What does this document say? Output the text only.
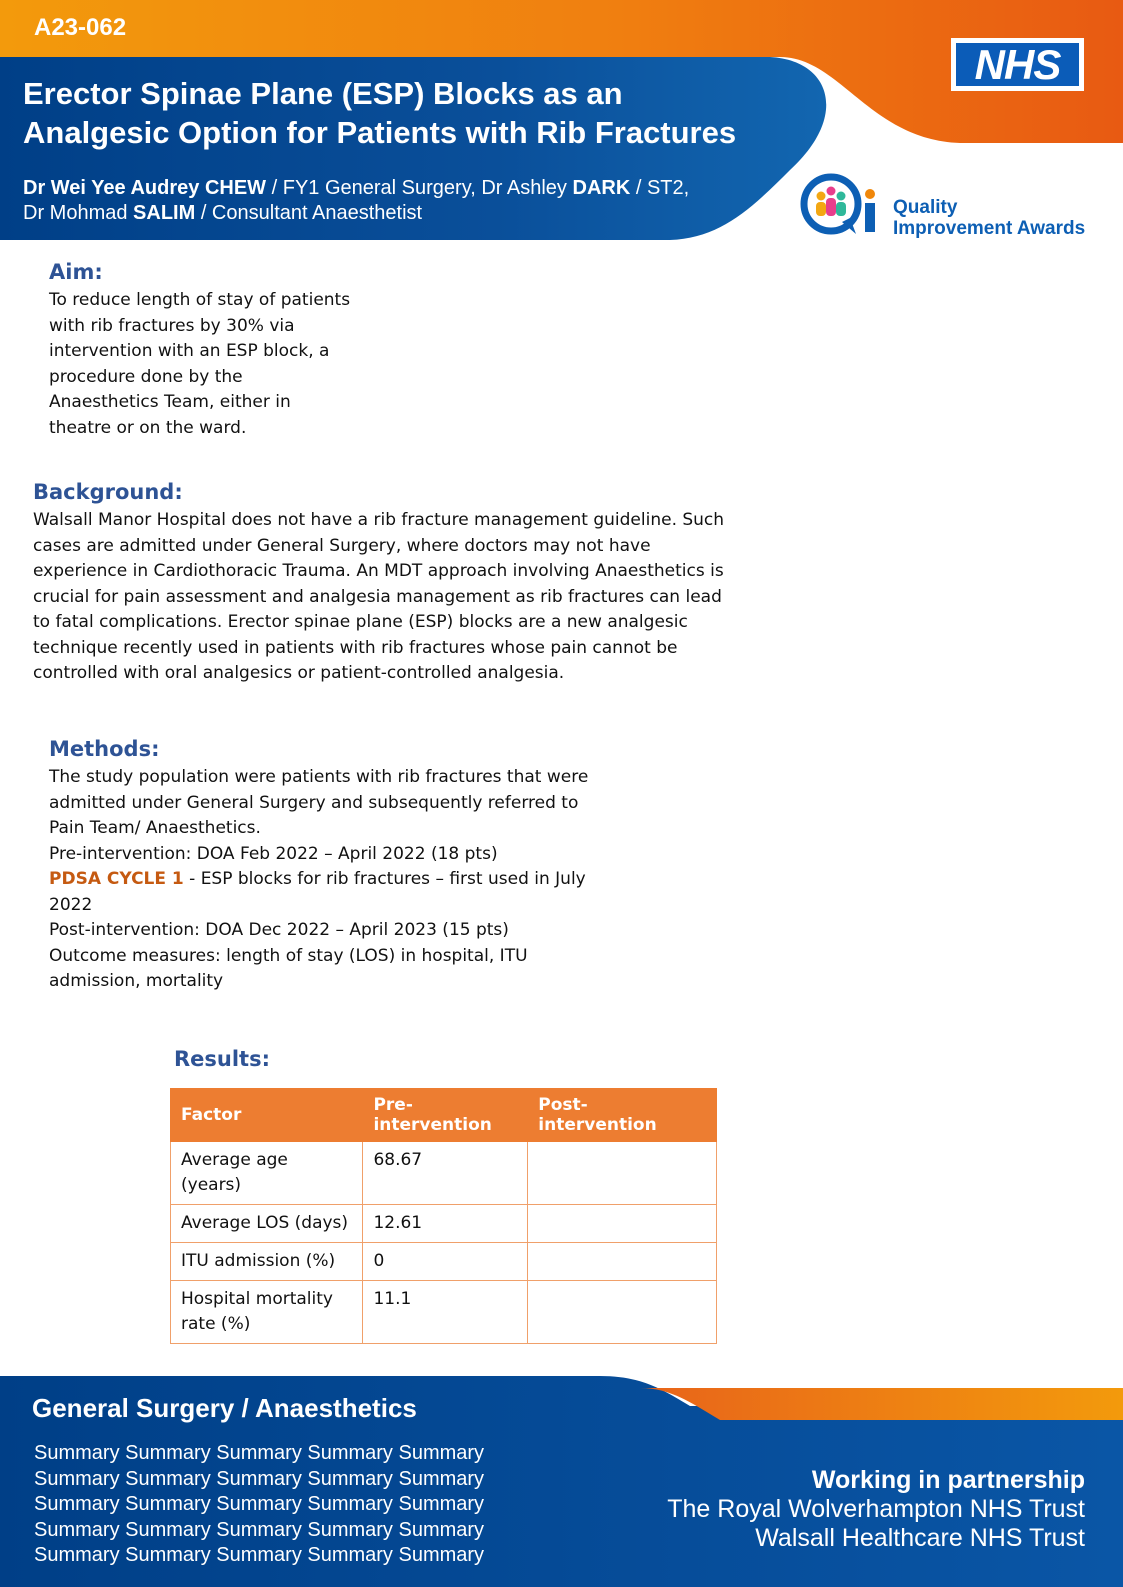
A23-062
Erector Spinae Plane (ESP) Blocks as an
Analgesic Option for Patients with Rib Fractures
Dr Wei Yee Audrey CHEW / FY1 General Surgery, Dr Ashley DARK / ST2,
Dr Mohmad SALIM / Consultant Anaesthetist
NHS
Quality
Improvement Awards
Aim:

To reduce length of stay of patients

with rib fractures by 30% via

intervention with an ESP block, a

procedure done by the

Anaesthetics Team, either in

theatre or on the ward.

Background:

Walsall Manor Hospital does not have a rib fracture management guideline. Such

cases are admitted under General Surgery, where doctors may not have

experience in Cardiothoracic Trauma. An MDT approach involving Anaesthetics is

crucial for pain assessment and analgesia management as rib fractures can lead

to fatal complications. Erector spinae plane (ESP) blocks are a new analgesic

technique recently used in patients with rib fractures whose pain cannot be

controlled with oral analgesics or patient-controlled analgesia.

Methods:

The study population were patients with rib fractures that were

admitted under General Surgery and subsequently referred to

Pain Team/ Anaesthetics.

Pre-intervention: DOA Feb 2022 – April 2022 (18 pts)

PDSA CYCLE 1 - ESP blocks for rib fractures – first used in July

2022

Post-intervention: DOA Dec 2022 – April 2023 (15 pts)

Outcome measures: length of stay (LOS) in hospital, ITU

admission, mortality

Results:
Factor	Pre-intervention	Post-intervention
Average age (years)	68.67	
Average LOS (days)	12.61	
ITU admission (%)	0	
Hospital mortality rate (%)	11.1	
General Surgery / Anaesthetics
Summary Summary Summary Summary Summary
Summary Summary Summary Summary Summary
Summary Summary Summary Summary Summary
Summary Summary Summary Summary Summary
Summary Summary Summary Summary Summary
Working in partnership
The Royal Wolverhampton NHS Trust
Walsall Healthcare NHS Trust
